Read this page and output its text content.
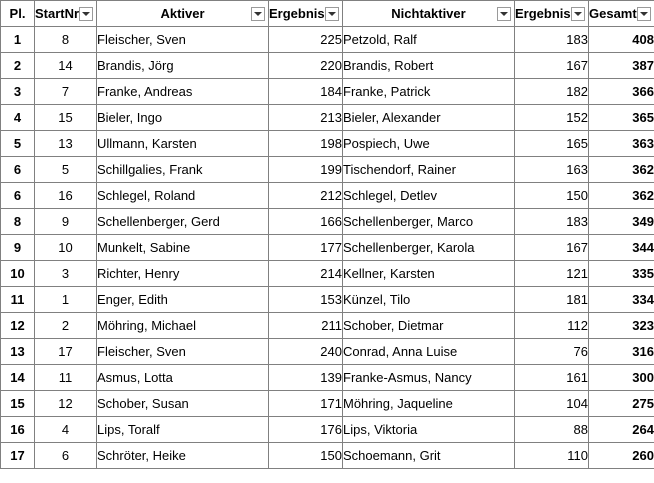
Pl.	StartNr	Aktiver	Ergebnis	Nichtaktiver	Ergebnis	Gesamt

1	8	Fleischer, Sven	225	Petzold, Ralf	183	408
2	14	Brandis, Jörg	220	Brandis, Robert	167	387
3	7	Franke, Andreas	184	Franke, Patrick	182	366
4	15	Bieler, Ingo	213	Bieler, Alexander	152	365
5	13	Ullmann, Karsten	198	Pospiech, Uwe	165	363
6	5	Schillgalies, Frank	199	Tischendorf, Rainer	163	362
6	16	Schlegel, Roland	212	Schlegel, Detlev	150	362
8	9	Schellenberger, Gerd	166	Schellenberger, Marco	183	349
9	10	Munkelt, Sabine	177	Schellenberger, Karola	167	344
10	3	Richter, Henry	214	Kellner, Karsten	121	335
11	1	Enger, Edith	153	Künzel, Tilo	181	334
12	2	Möhring, Michael	211	Schober, Dietmar	112	323
13	17	Fleischer, Sven	240	Conrad, Anna Luise	76	316
14	11	Asmus, Lotta	139	Franke-Asmus, Nancy	161	300
15	12	Schober, Susan	171	Möhring, Jaqueline	104	275
16	4	Lips, Toralf	176	Lips, Viktoria	88	264
17	6	Schröter, Heike	150	Schoemann, Grit	110	260
